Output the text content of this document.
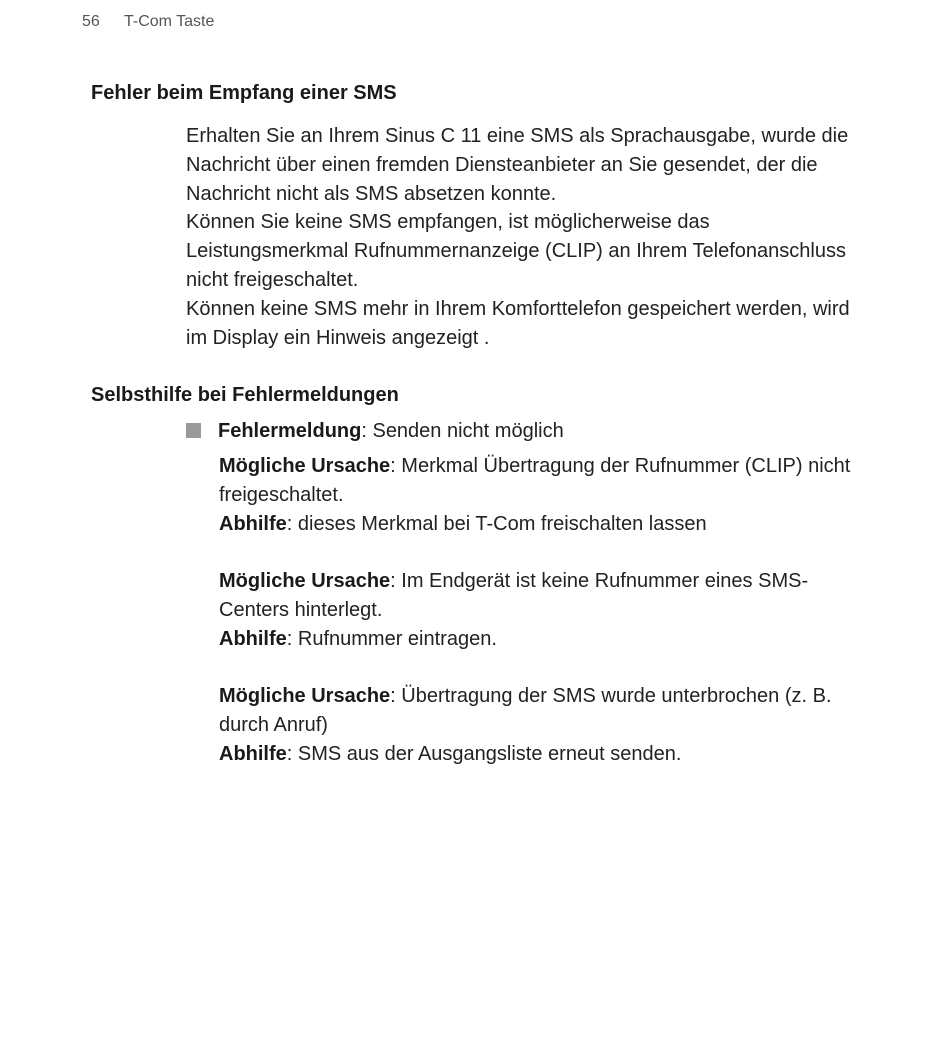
56 T-Com Taste
Fehler beim Empfang einer SMS

Erhalten Sie an Ihrem Sinus C 11 eine SMS als Sprachausgabe, wurde die Nachricht über einen fremden Diensteanbieter an Sie gesendet, der die Nachricht nicht als SMS absetzen konnte.

Können Sie keine SMS empfangen, ist möglicherweise das Leistungsmerkmal Rufnummernanzeige (CLIP) an Ihrem Telefonanschluss nicht freigeschaltet.

Können keine SMS mehr in Ihrem Komforttelefon gespeichert werden, wird im Display ein Hinweis angezeigt .

Selbsthilfe bei Fehlermeldungen
Fehlermeldung: Senden nicht möglich

Mögliche Ursache: Merkmal Übertragung der Rufnummer (CLIP) nicht freigeschaltet.

Abhilfe: dieses Merkmal bei T-Com freischalten lassen

Mögliche Ursache: Im Endgerät ist keine Rufnummer eines SMS-Centers hinterlegt.

Abhilfe: Rufnummer eintragen.

Mögliche Ursache: Übertragung der SMS wurde unterbrochen (z. B. durch Anruf)

Abhilfe: SMS aus der Ausgangsliste erneut senden.
